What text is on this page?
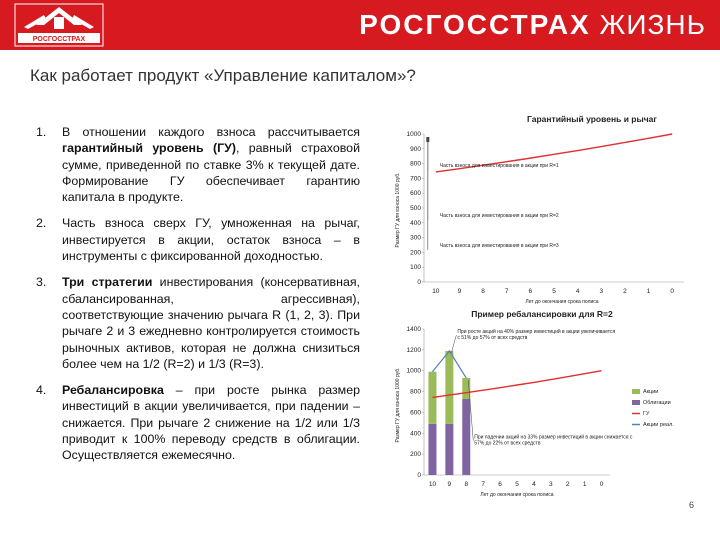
РОСГОССТРАХ	РОСГОССТРАХ ЖИЗНЬ
Как работает продукт «Управление капиталом»?
1. В отношении каждого взноса рассчитывается гарантийный уровень (ГУ), равный страховой сумме, приведенной по ставке 3% к текущей дате. Формирование ГУ обеспечивает гарантию капитала в продукте.
2. Часть взноса сверх ГУ, умноженная на рычаг, инвестируется в акции, остаток взноса – в инструменты с фиксированной доходностью.
3. Три стратегии инвестирования (консервативная, сбалансированная, агрессивная), соответствующие значению рычага R (1, 2, 3). При рычаге 2 и 3 ежедневно контролируется стоимость рыночных активов, которая не должна снизиться более чем на 1/2 (R=2) и 1/3 (R=3).
4. Ребалансировка – при росте рынка размер инвестиций в акции увеличивается, при падении – снижается. При рычаге 2 снижение на 1/2 или 1/3 приводит к 100% переводу средств в облигации. Осуществляется ежемесячно.
Гарантийный уровень и рычаг
0
100
200
300
400
500
600
700
800
900
1000
10	9	8	7	6	5	4	3	2	1	0
Лет до окончания срока полиса
Размер ГУ для взноса 1000 руб.
Часть взноса для инвестирования в акции при R=1
Часть взноса для инвестирования в акции при R=2
Часть взноса для инвестирования в акции при R=3
Пример ребалансировки для R=2
0
200
400
600
800
1000
1200
1400
10 9 8 7 6 5 4 3 2 1 0
Лет до окончания срока полиса
Размер ГУ для взноса 1000 руб.
При росте акций на 40% размер инвестиций в акции увеличивается
с 51% до 57% от всех средств
При падении акций на 33% размер инвестиций в акции снижается с
57% до 22% от всех средств
Акции
Облигации
ГУ
Акции реал.
6
